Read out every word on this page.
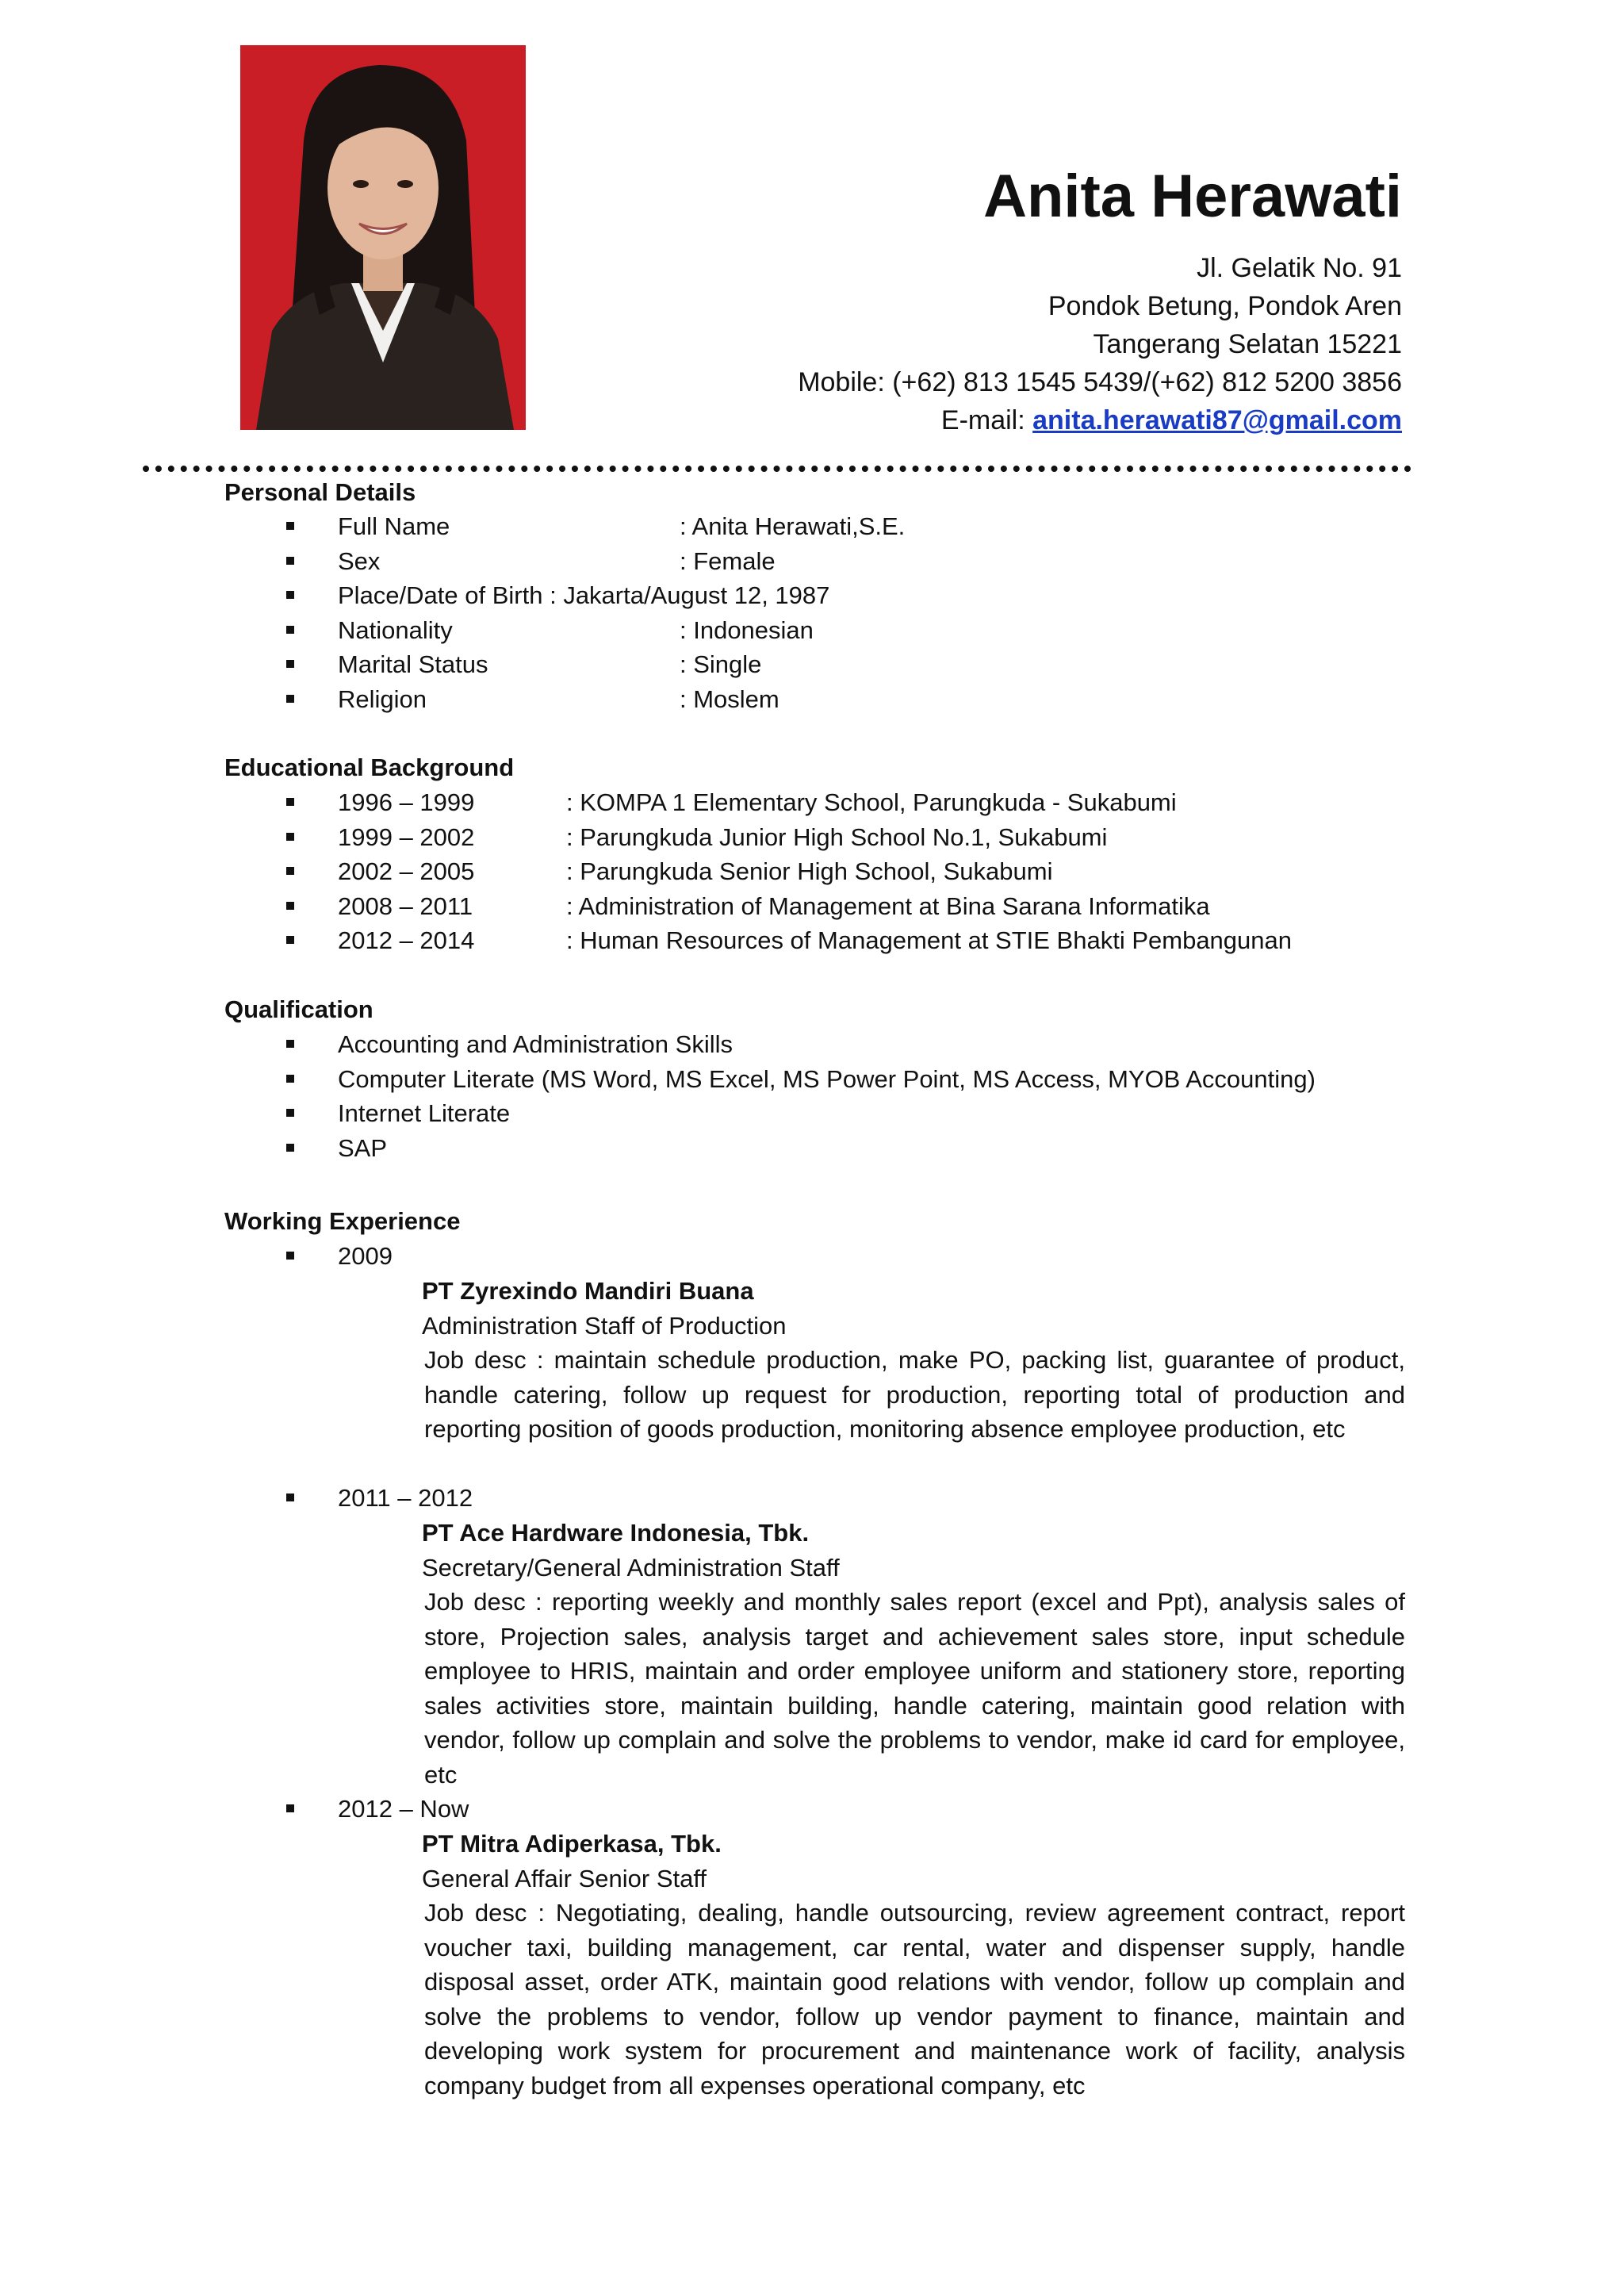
Anita Herawati
Jl. Gelatik No. 91
Pondok Betung, Pondok Aren
Tangerang Selatan 15221
Mobile: (+62) 813 1545 5439/(+62) 812 5200 3856
E-mail: anita.herawati87@gmail.com
Personal Details
Full Name	: Anita Herawati,S.E.
Sex	: Female
Place/Date of Birth : Jakarta/August 12, 1987
Nationality	: Indonesian
Marital Status	: Single
Religion	: Moslem
Educational Background
1996 – 1999	: KOMPA 1 Elementary School, Parungkuda - Sukabumi
1999 – 2002	: Parungkuda Junior High School No.1, Sukabumi
2002 – 2005	: Parungkuda Senior High School, Sukabumi
2008 – 2011	: Administration of Management at Bina Sarana Informatika
2012 – 2014	: Human Resources of Management at STIE Bhakti Pembangunan
Qualification
Accounting and Administration Skills
Computer Literate (MS Word, MS Excel, MS Power Point, MS Access, MYOB Accounting)
Internet Literate
SAP
Working Experience
2009
PT Zyrexindo Mandiri Buana
Administration Staff of Production
Job desc : maintain schedule production, make PO, packing list, guarantee of product, handle catering, follow up request for production, reporting total of production and reporting position of goods production, monitoring absence employee production, etc
2011 – 2012
PT Ace Hardware Indonesia, Tbk.
Secretary/General Administration Staff
Job desc : reporting weekly and monthly sales report (excel and Ppt), analysis sales of store, Projection sales, analysis target and achievement sales store, input schedule employee to HRIS, maintain and order employee uniform and stationery store, reporting sales activities store, maintain building, handle catering, maintain good relation with vendor, follow up complain and solve the problems to vendor, make id card for employee, etc
2012 – Now
PT Mitra Adiperkasa, Tbk.
General Affair Senior Staff
Job desc : Negotiating, dealing, handle outsourcing, review agreement contract, report voucher taxi, building management, car rental, water and dispenser supply, handle disposal asset, order ATK, maintain good relations with vendor, follow up complain and solve the problems to vendor, follow up vendor payment to finance, maintain and developing work system for procurement and maintenance work of facility, analysis company budget from all expenses operational company, etc
